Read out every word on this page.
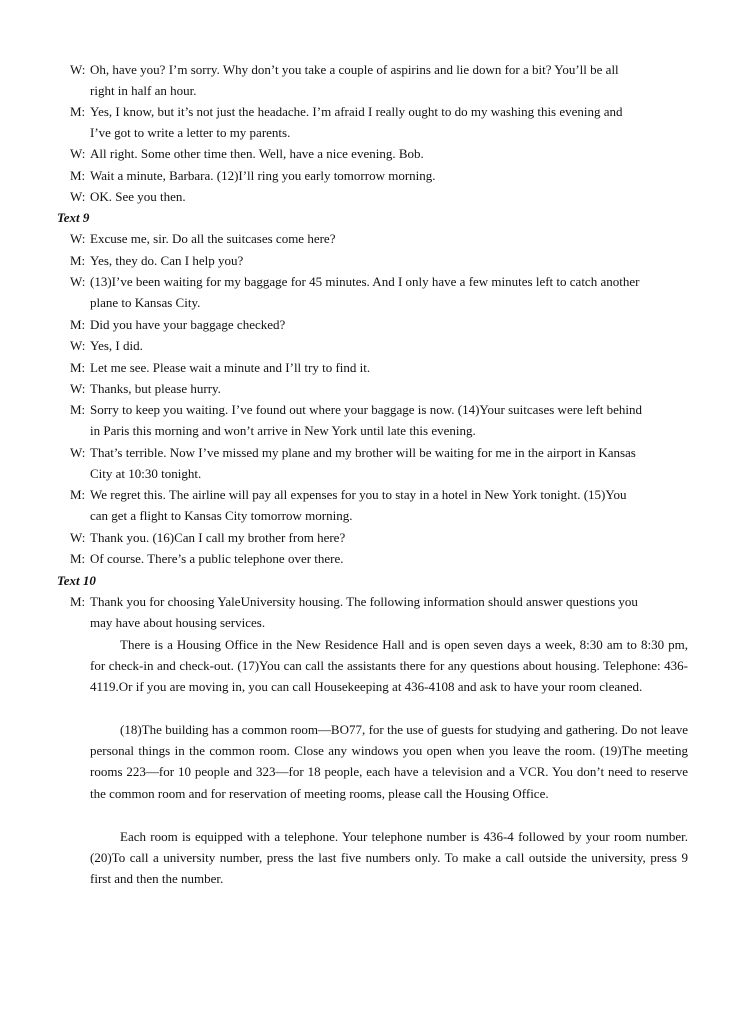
W: Oh, have you? I’m sorry. Why don’t you take a couple of aspirins and lie down for a bit? You’ll be all
right in half an hour.
M: Yes, I know, but it’s not just the headache. I’m afraid I really ought to do my washing this evening and
I’ve got to write a letter to my parents.
W: All right. Some other time then. Well, have a nice evening. Bob.
M: Wait a minute, Barbara. (12)I’ll ring you early tomorrow morning.
W: OK. See you then.
Text 9
W: Excuse me, sir. Do all the suitcases come here?
M: Yes, they do. Can I help you?
W: (13)I’ve been waiting for my baggage for 45 minutes. And I only have a few minutes left to catch another
plane to Kansas City.
M: Did you have your baggage checked?
W: Yes, I did.
M: Let me see. Please wait a minute and I’ll try to find it.
W: Thanks, but please hurry.
M: Sorry to keep you waiting. I’ve found out where your baggage is now. (14)Your suitcases were left behind
in Paris this morning and won’t arrive in New York until late this evening.
W: That’s terrible. Now I’ve missed my plane and my brother will be waiting for me in the airport in Kansas
City at 10:30 tonight.
M: We regret this. The airline will pay all expenses for you to stay in a hotel in New York tonight. (15)You
can get a flight to Kansas City tomorrow morning.
W: Thank you. (16)Can I call my brother from here?
M: Of course. There’s a public telephone over there.
Text 10
M: Thank you for choosing YaleUniversity housing. The following information should answer questions you
may have about housing services.
There is a Housing Office in the New Residence Hall and is open seven days a week, 8:30 am to 8:30 pm, for check-in and check-out. (17)You can call the assistants there for any questions about housing. Telephone: 436-4119.Or if you are moving in, you can call Housekeeping at 436-4108 and ask to have your room cleaned.
(18)The building has a common room—BO77, for the use of guests for studying and gathering. Do not leave personal things in the common room. Close any windows you open when you leave the room. (19)The meeting rooms 223—for 10 people and 323—for 18 people, each have a television and a VCR. You don’t need to reserve the common room and for reservation of meeting rooms, please call the Housing Office.
Each room is equipped with a telephone. Your telephone number is 436-4 followed by your room number. (20)To call a university number, press the last five numbers only. To make a call outside the university, press 9 first and then the number.
